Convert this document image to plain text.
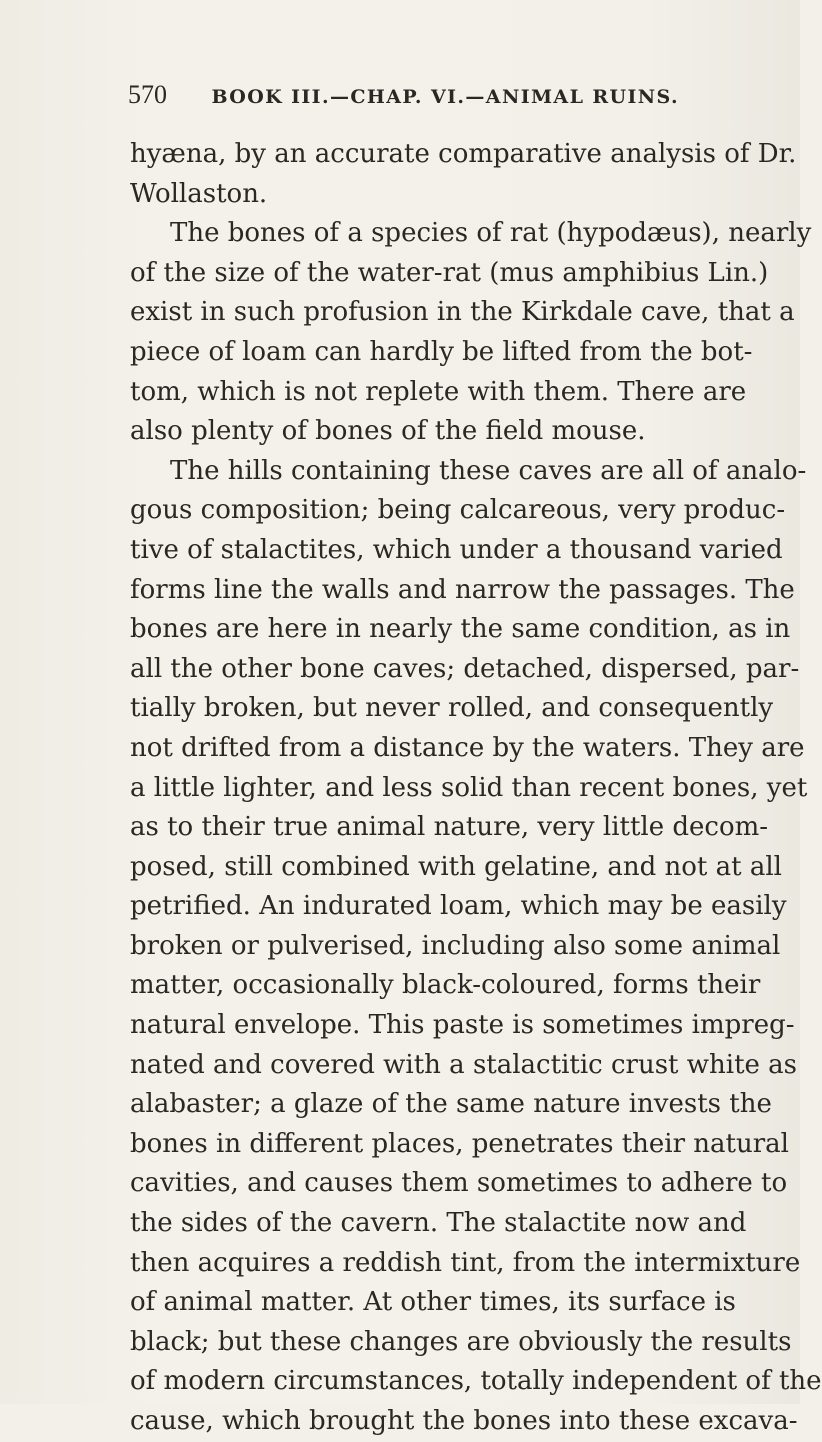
570 BOOK III.—CHAP. VI.—ANIMAL RUINS.
hyæna, by an accurate comparative analysis of Dr.
Wollaston.
The bones of a species of rat (hypodæus), nearly
of the size of the water-rat (mus amphibius Lin.)
exist in such profusion in the Kirkdale cave, that a
piece of loam can hardly be lifted from the bot-
tom, which is not replete with them. There are
also plenty of bones of the field mouse.
The hills containing these caves are all of analo-
gous composition; being calcareous, very produc-
tive of stalactites, which under a thousand varied
forms line the walls and narrow the passages. The
bones are here in nearly the same condition, as in
all the other bone caves; detached, dispersed, par-
tially broken, but never rolled, and consequently
not drifted from a distance by the waters. They are
a little lighter, and less solid than recent bones, yet
as to their true animal nature, very little decom-
posed, still combined with gelatine, and not at all
petrified. An indurated loam, which may be easily
broken or pulverised, including also some animal
matter, occasionally black-coloured, forms their
natural envelope. This paste is sometimes impreg-
nated and covered with a stalactitic crust white as
alabaster; a glaze of the same nature invests the
bones in different places, penetrates their natural
cavities, and causes them sometimes to adhere to
the sides of the cavern. The stalactite now and
then acquires a reddish tint, from the intermixture
of animal matter. At other times, its surface is
black; but these changes are obviously the results
of modern circumstances, totally independent of the
cause, which brought the bones into these excava-
